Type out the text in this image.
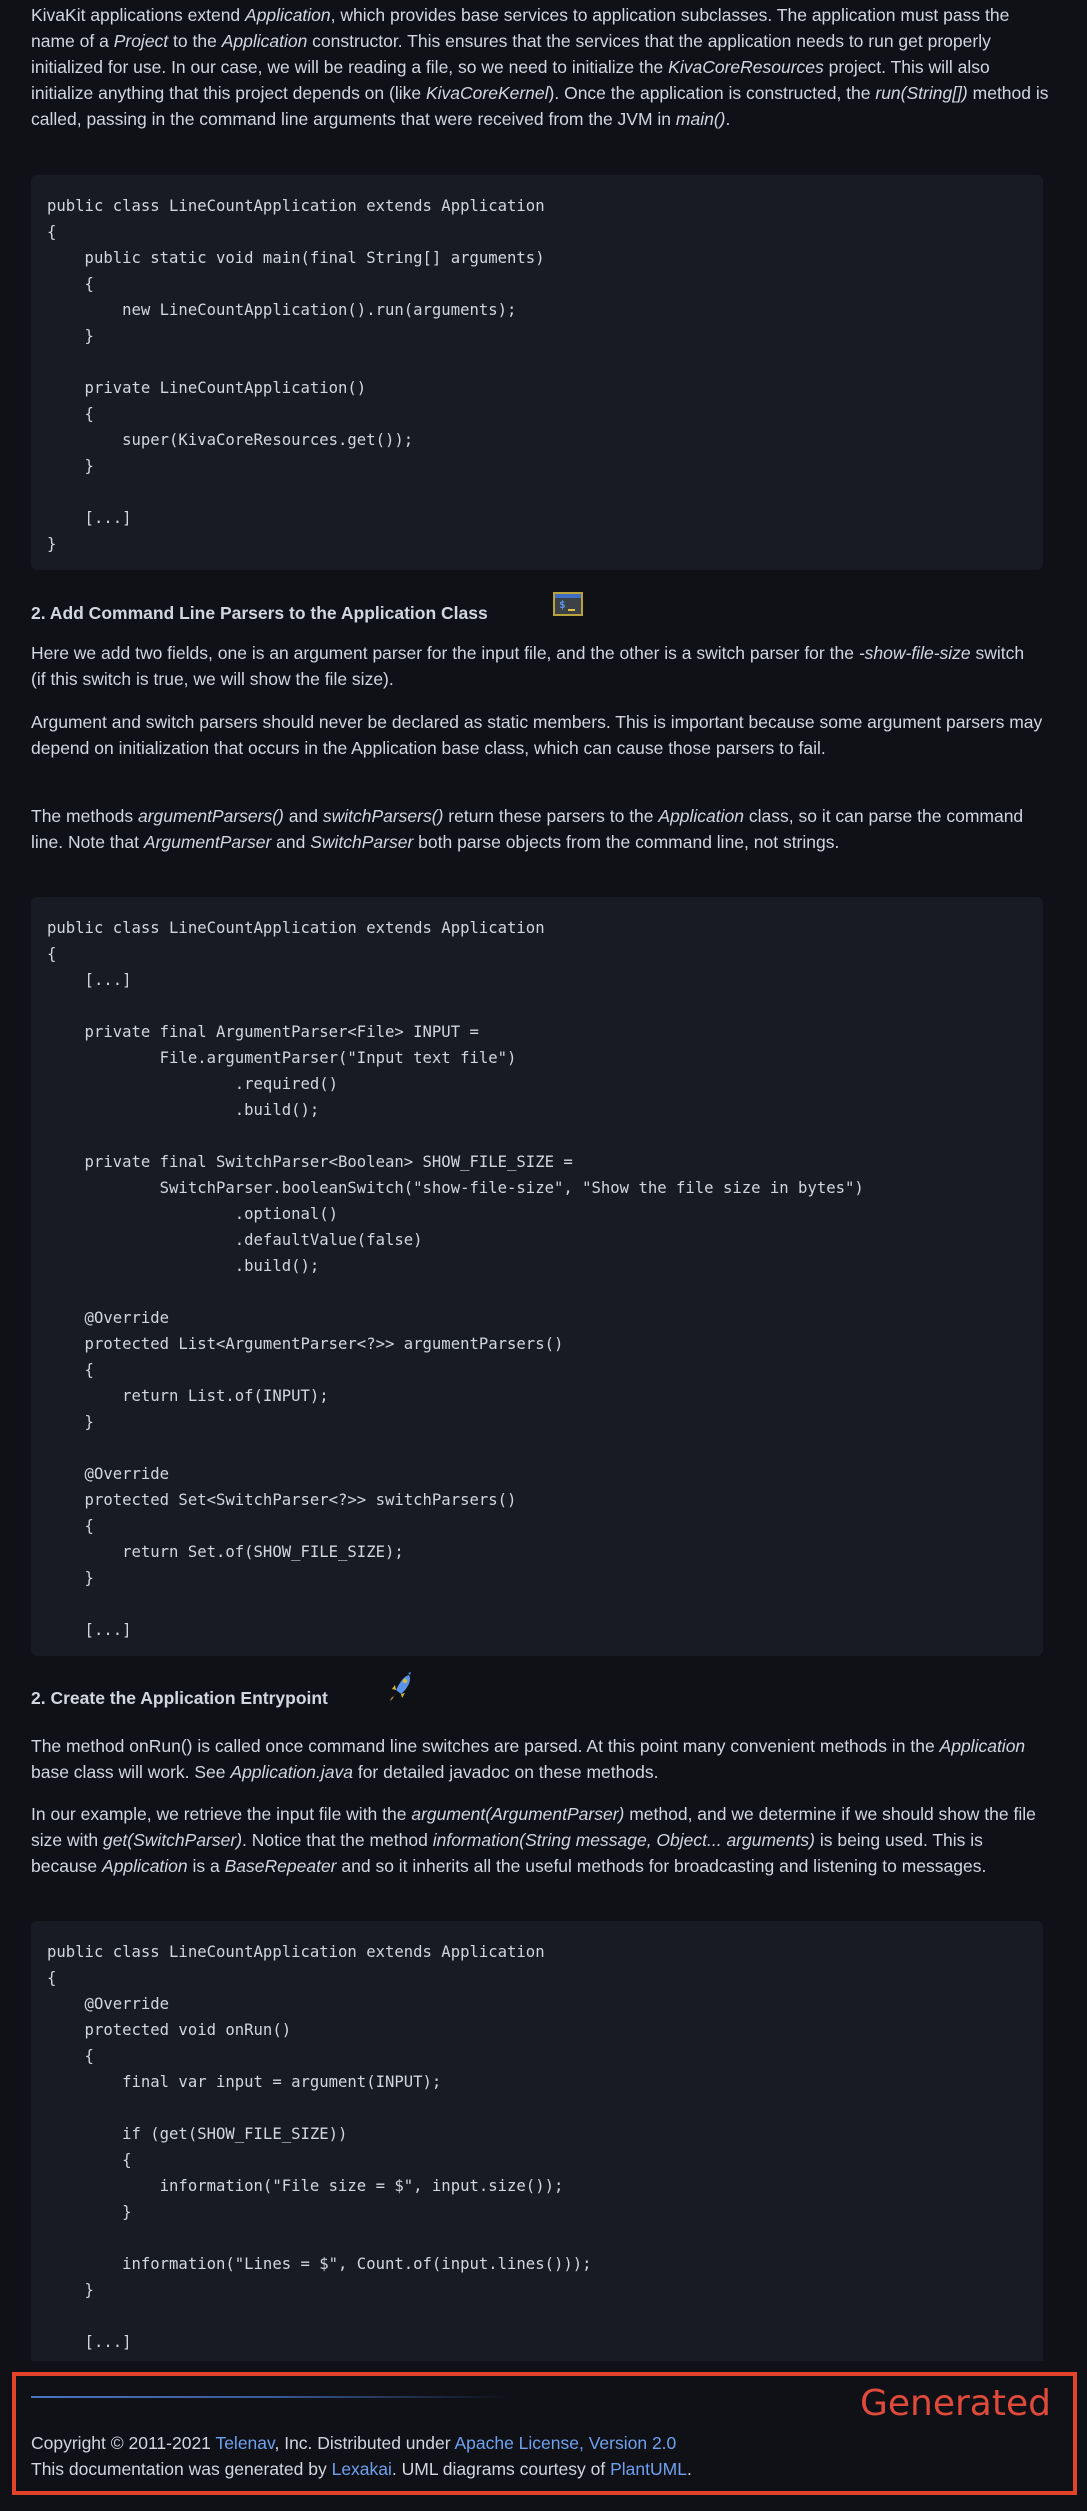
KivaKit applications extend Application, which provides base services to application subclasses. The application must pass the name of a Project to the Application constructor. This ensures that the services that the application needs to run get properly initialized for use. In our case, we will be reading a file, so we need to initialize the KivaCoreResources project. This will also initialize anything that this project depends on (like KivaCoreKernel). Once the application is constructed, the run(String[]) method is called, passing in the command line arguments that were received from the JVM in main().

public class LineCountApplication extends Application
{
public static void main(final String[] arguments)
{
new LineCountApplication().run(arguments);
}
private LineCountApplication()
{
super(KivaCoreResources.get());
}
[...]
}
2. Add Command Line Parsers to the Application Class	$

Here we add two fields, one is an argument parser for the input file, and the other is a switch parser for the -show-file-size switch (if this switch is true, we will show the file size).

Argument and switch parsers should never be declared as static members. This is important because some argument parsers may depend on initialization that occurs in the Application base class, which can cause those parsers to fail.

The methods argumentParsers() and switchParsers() return these parsers to the Application class, so it can parse the command line. Note that ArgumentParser and SwitchParser both parse objects from the command line, not strings.

public class LineCountApplication extends Application
{
[...]
private final ArgumentParser<File> INPUT =
File.argumentParser("Input text file")
.required()
.build();
private final SwitchParser<Boolean> SHOW_FILE_SIZE =
SwitchParser.booleanSwitch("show-file-size", "Show the file size in bytes")
.optional()
.defaultValue(false)
.build();
@Override
protected List<ArgumentParser<?>> argumentParsers()
{
return List.of(INPUT);
}
@Override
protected Set<SwitchParser<?>> switchParsers()
{
return Set.of(SHOW_FILE_SIZE);
}
[...]
2. Create the Application Entrypoint

The method onRun() is called once command line switches are parsed. At this point many convenient methods in the Application base class will work. See Application.java for detailed javadoc on these methods.

In our example, we retrieve the input file with the argument(ArgumentParser) method, and we determine if we should show the file size with get(SwitchParser). Notice that the method information(String message, Object... arguments) is being used. This is because Application is a BaseRepeater and so it inherits all the useful methods for broadcasting and listening to messages.

public class LineCountApplication extends Application
{
@Override
protected void onRun()
{
final var input = argument(INPUT);
if (get(SHOW_FILE_SIZE))
{
information("File size = $", input.size());
}
information("Lines = $", Count.of(input.lines()));
}
[...]
Generated
Copyright © 2011-2021 Telenav, Inc. Distributed under Apache License, Version 2.0
This documentation was generated by Lexakai. UML diagrams courtesy of PlantUML.
